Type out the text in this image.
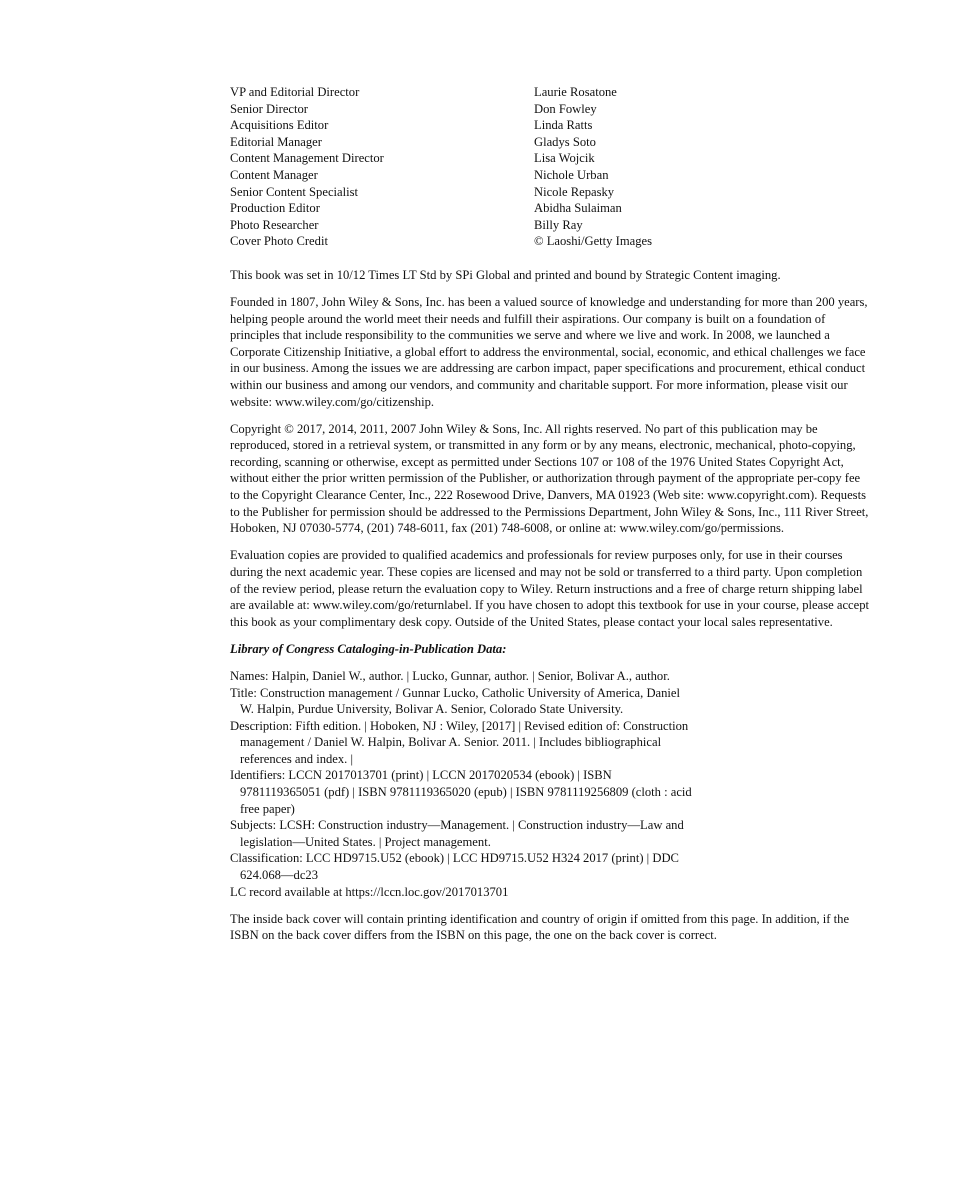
VP and Editorial Director	Laurie Rosatone
Senior Director	Don Fowley
Acquisitions Editor	Linda Ratts
Editorial Manager	Gladys Soto
Content Management Director	Lisa Wojcik
Content Manager	Nichole Urban
Senior Content Specialist	Nicole Repasky
Production Editor	Abidha Sulaiman
Photo Researcher	Billy Ray
Cover Photo Credit	© Laoshi/Getty Images

This book was set in 10/12 Times LT Std by SPi Global and printed and bound by Strategic Content imaging.

Founded in 1807, John Wiley & Sons, Inc. has been a valued source of knowledge and understanding for more than 200 years, helping people around the world meet their needs and fulfill their aspirations. Our company is built on a foundation of principles that include responsibility to the communities we serve and where we live and work. In 2008, we launched a Corporate Citizenship Initiative, a global effort to address the environmental, social, economic, and ethical challenges we face in our business. Among the issues we are addressing are carbon impact, paper specifications and procurement, ethical conduct within our business and among our vendors, and community and charitable support. For more information, please visit our website: www.wiley.com/go/citizenship.

Copyright © 2017, 2014, 2011, 2007 John Wiley & Sons, Inc. All rights reserved. No part of this publication may be reproduced, stored in a retrieval system, or transmitted in any form or by any means, electronic, mechanical, photo-copying, recording, scanning or otherwise, except as permitted under Sections 107 or 108 of the 1976 United States Copyright Act, without either the prior written permission of the Publisher, or authorization through payment of the appropriate per-copy fee to the Copyright Clearance Center, Inc., 222 Rosewood Drive, Danvers, MA 01923 (Web site: www.copyright.com). Requests to the Publisher for permission should be addressed to the Permissions Department, John Wiley & Sons, Inc., 111 River Street, Hoboken, NJ 07030-5774, (201) 748-6011, fax (201) 748-6008, or online at: www.wiley.com/go/permissions.

Evaluation copies are provided to qualified academics and professionals for review purposes only, for use in their courses during the next academic year. These copies are licensed and may not be sold or transferred to a third party. Upon completion of the review period, please return the evaluation copy to Wiley. Return instructions and a free of charge return shipping label are available at: www.wiley.com/go/returnlabel. If you have chosen to adopt this textbook for use in your course, please accept this book as your complimentary desk copy. Outside of the United States, please contact your local sales representative.

Library of Congress Cataloging-in-Publication Data:

Names: Halpin, Daniel W., author. | Lucko, Gunnar, author. | Senior, Bolivar A., author.
Title: Construction management / Gunnar Lucko, Catholic University of America, Daniel W. Halpin, Purdue University, Bolivar A. Senior, Colorado State University.
Description: Fifth edition. | Hoboken, NJ : Wiley, [2017] | Revised edition of: Construction management / Daniel W. Halpin, Bolivar A. Senior. 2011. | Includes bibliographical references and index. |
Identifiers: LCCN 2017013701 (print) | LCCN 2017020534 (ebook) | ISBN 9781119365051 (pdf) | ISBN 9781119365020 (epub) | ISBN 9781119256809 (cloth : acid free paper)
Subjects: LCSH: Construction industry—Management. | Construction industry—Law and legislation—United States. | Project management.
Classification: LCC HD9715.U52 (ebook) | LCC HD9715.U52 H324 2017 (print) | DDC 624.068—dc23
LC record available at https://lccn.loc.gov/2017013701

The inside back cover will contain printing identification and country of origin if omitted from this page. In addition, if the ISBN on the back cover differs from the ISBN on this page, the one on the back cover is correct.
